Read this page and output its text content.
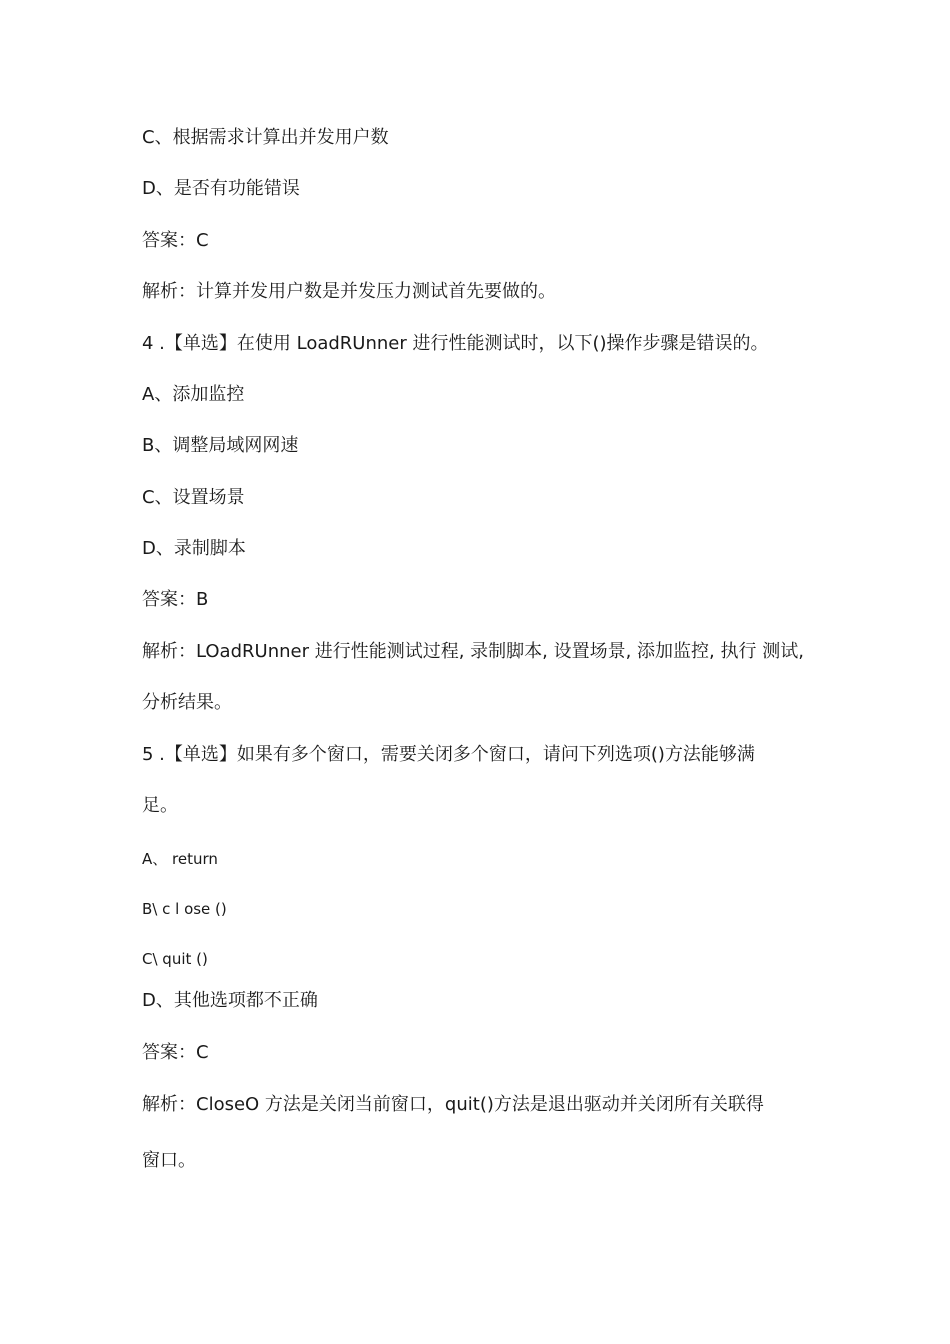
C、根据需求计算出并发用户数
D、是否有功能错误
答案：C
解析：计算并发用户数是并发压力测试首先要做的。
4 .【单选】在使用 LoadRUnner 进行性能测试时，以下()操作步骤是错误的。
A、添加监控
B、调整局域网网速
C、设置场景
D、录制脚本
答案：B
解析：LOadRUnner 进行性能测试过程, 录制脚本, 设置场景, 添加监控, 执行 测试,
分析结果。
5 .【单选】如果有多个窗口，需要关闭多个窗口，请问下列选项()方法能够满
足。
A、 return
B\ c l ose ()
C\ quit ()
D、其他选项都不正确
答案：C
解析：CloseO 方法是关闭当前窗口，quit()方法是退出驱动并关闭所有关联得
窗口。
